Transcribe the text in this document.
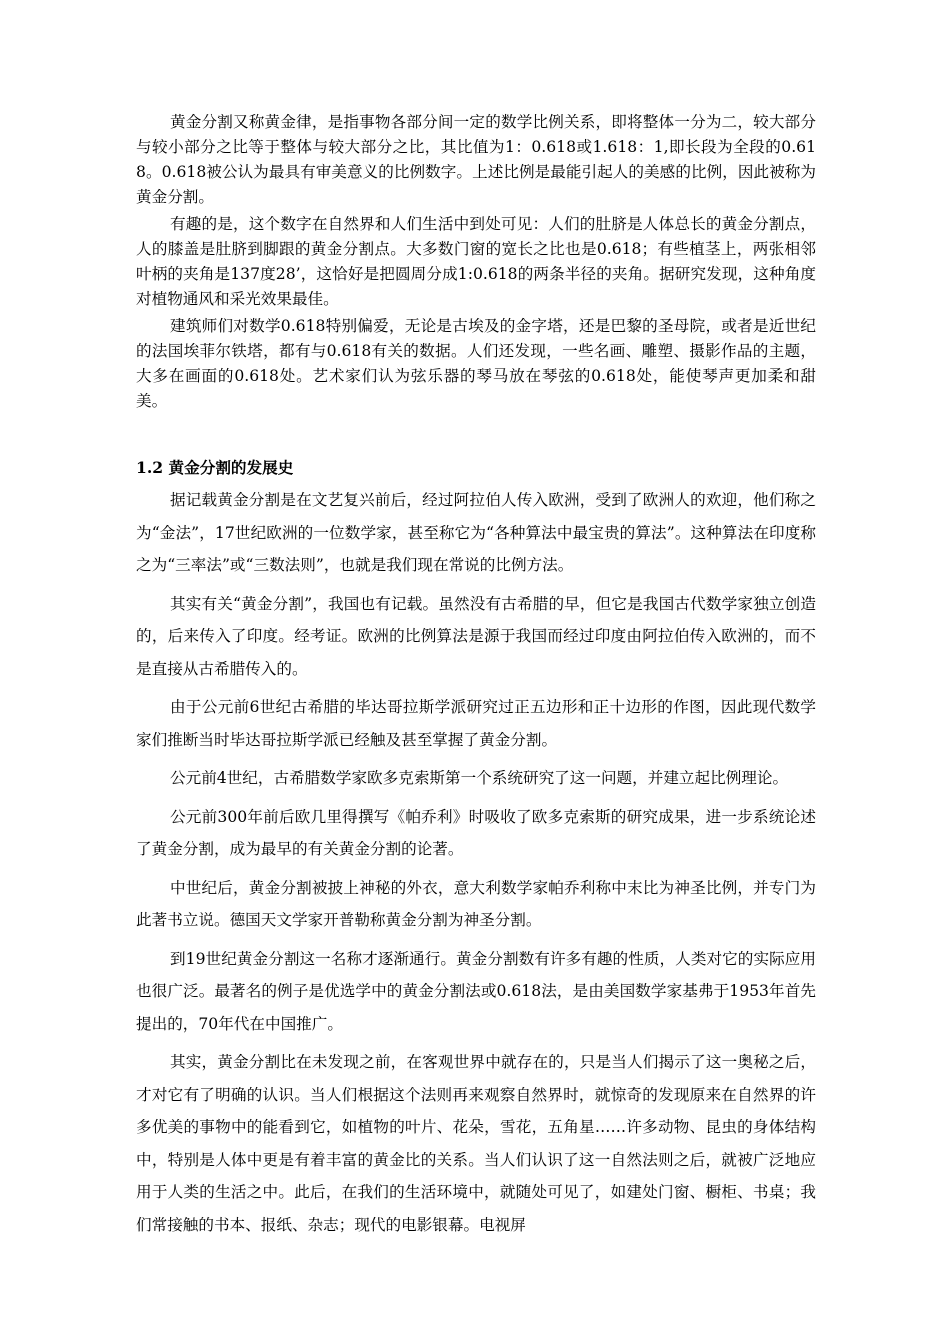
黄金分割又称黄金律，是指事物各部分间一定的数学比例关系，即将整体一分为二，较大部分与较小部分之比等于整体与较大部分之比，其比值为1：0.618或1.618：1,即长段为全段的0.618。0.618被公认为最具有审美意义的比例数字。上述比例是最能引起人的美感的比例，因此被称为黄金分割。

有趣的是，这个数字在自然界和人们生活中到处可见：人们的肚脐是人体总长的黄金分割点，人的膝盖是肚脐到脚跟的黄金分割点。大多数门窗的宽长之比也是0.618；有些植茎上，两张相邻叶柄的夹角是137度28’，这恰好是把圆周分成1:0.618的两条半径的夹角。据研究发现，这种角度对植物通风和采光效果最佳。

建筑师们对数学0.618特别偏爱，无论是古埃及的金字塔，还是巴黎的圣母院，或者是近世纪的法国埃菲尔铁塔，都有与0.618有关的数据。人们还发现，一些名画、雕塑、摄影作品的主题，大多在画面的0.618处。艺术家们认为弦乐器的琴马放在琴弦的0.618处，能使琴声更加柔和甜美。

1.2 黄金分割的发展史

据记载黄金分割是在文艺复兴前后，经过阿拉伯人传入欧洲，受到了欧洲人的欢迎，他们称之为“金法”，17世纪欧洲的一位数学家，甚至称它为“各种算法中最宝贵的算法”。这种算法在印度称之为“三率法”或“三数法则”，也就是我们现在常说的比例方法。

其实有关“黄金分割”，我国也有记载。虽然没有古希腊的早，但它是我国古代数学家独立创造的，后来传入了印度。经考证。欧洲的比例算法是源于我国而经过印度由阿拉伯传入欧洲的，而不是直接从古希腊传入的。

由于公元前6世纪古希腊的毕达哥拉斯学派研究过正五边形和正十边形的作图，因此现代数学家们推断当时毕达哥拉斯学派已经触及甚至掌握了黄金分割。

公元前4世纪，古希腊数学家欧多克索斯第一个系统研究了这一问题，并建立起比例理论。

公元前300年前后欧几里得撰写《帕乔利》时吸收了欧多克索斯的研究成果，进一步系统论述了黄金分割，成为最早的有关黄金分割的论著。

中世纪后，黄金分割被披上神秘的外衣，意大利数学家帕乔利称中末比为神圣比例，并专门为此著书立说。德国天文学家开普勒称黄金分割为神圣分割。

到19世纪黄金分割这一名称才逐渐通行。黄金分割数有许多有趣的性质，人类对它的实际应用也很广泛。最著名的例子是优选学中的黄金分割法或0.618法，是由美国数学家基弗于1953年首先提出的，70年代在中国推广。

其实，黄金分割比在未发现之前，在客观世界中就存在的，只是当人们揭示了这一奥秘之后，才对它有了明确的认识。当人们根据这个法则再来观察自然界时，就惊奇的发现原来在自然界的许多优美的事物中的能看到它，如植物的叶片、花朵，雪花，五角星……许多动物、昆虫的身体结构中，特别是人体中更是有着丰富的黄金比的关系。当人们认识了这一自然法则之后，就被广泛地应用于人类的生活之中。此后，在我们的生活环境中，就随处可见了，如建处门窗、橱柜、书桌；我们常接触的书本、报纸、杂志；现代的电影银幕。电视屏
